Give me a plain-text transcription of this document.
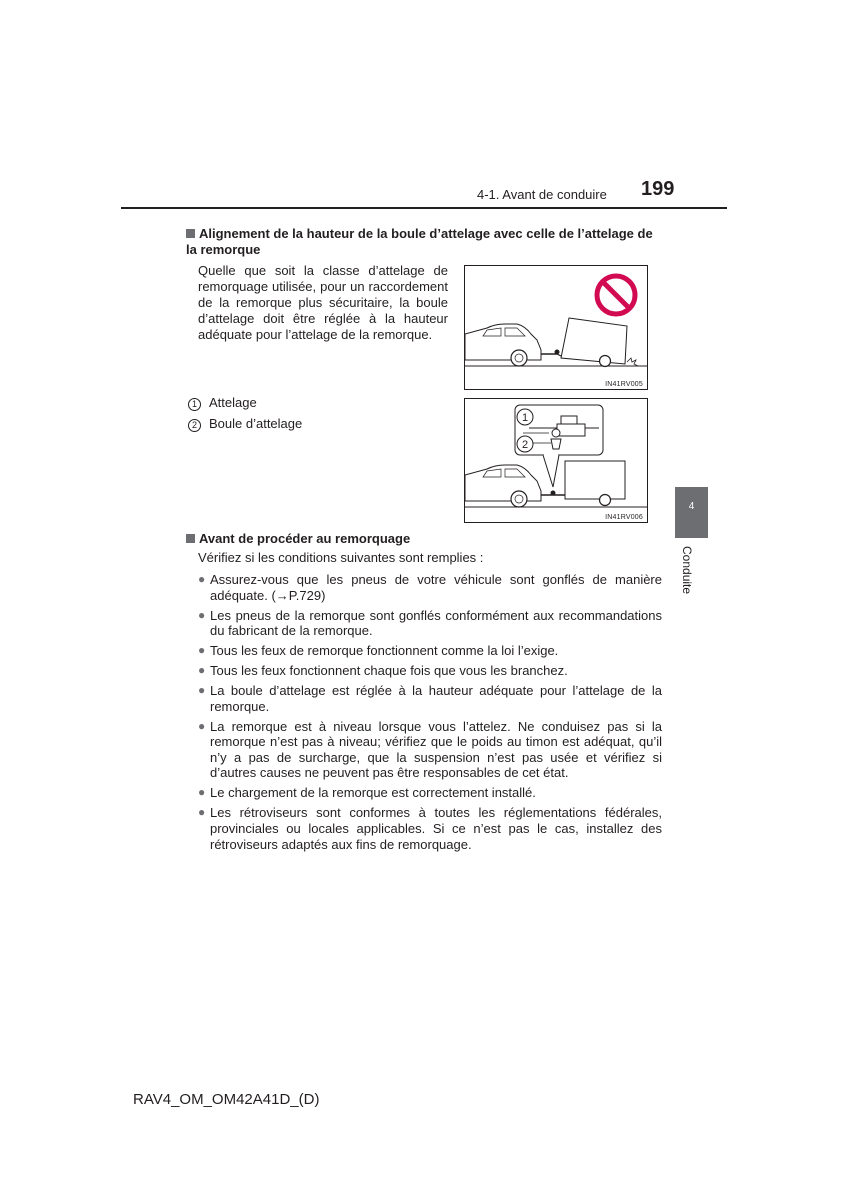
4-1. Avant de conduire 199
Alignement de la hauteur de la boule d’attelage avec celle de l’attelage de la remorque
Quelle que soit la classe d’attelage de remorquage utilisée, pour un raccordement de la remorque plus sécuritaire, la boule d’attelage doit être réglée à la hauteur adéquate pour l’attelage de la remorque.
1 Attelage
2 Boule d’attelage
IN41RV005
1
2
IN41RV006
Avant de procéder au remorquage
Vérifiez si les conditions suivantes sont remplies :
● Assurez-vous que les pneus de votre véhicule sont gonflés de manière adéquate. (→P.729)
● Les pneus de la remorque sont gonflés conformément aux recommandations du fabricant de la remorque.
● Tous les feux de remorque fonctionnent comme la loi l’exige.
● Tous les feux fonctionnent chaque fois que vous les branchez.
● La boule d’attelage est réglée à la hauteur adéquate pour l’attelage de la remorque.
● La remorque est à niveau lorsque vous l’attelez. Ne conduisez pas si la remorque n’est pas à niveau; vérifiez que le poids au timon est adéquat, qu’il n’y a pas de surcharge, que la suspension n’est pas usée et vérifiez si d’autres causes ne peuvent pas être responsables de cet état.
● Le chargement de la remorque est correctement installé.
● Les rétroviseurs sont conformes à toutes les réglementations fédérales, provinciales ou locales applicables. Si ce n’est pas le cas, installez des rétroviseurs adaptés aux fins de remorquage.
4
Conduite
RAV4_OM_OM42A41D_(D)
